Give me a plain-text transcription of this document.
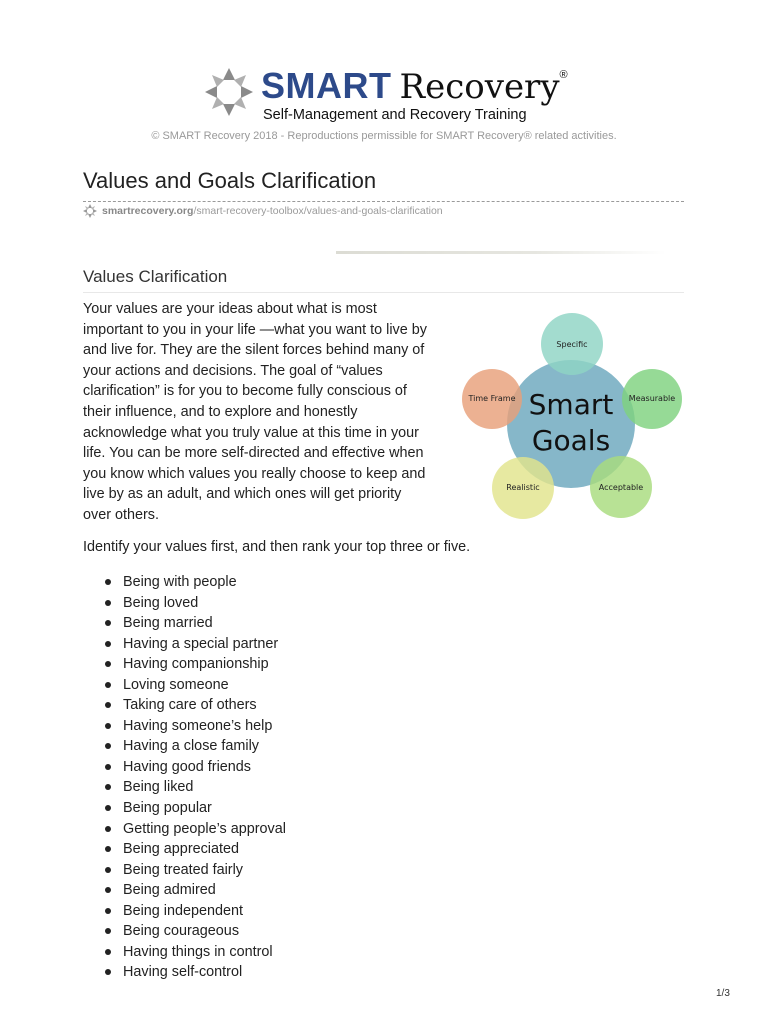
SMART Recovery®
Self-Management and Recovery Training
© SMART Recovery 2018 - Reproductions permissible for SMART Recovery® related activities.
Values and Goals Clarification
smartrecovery.org /smart-recovery-toolbox/values-and-goals-clarification
Values Clarification

Your values are your ideas about what is most important to you in your life —what you want to live by and live for. They are the silent forces behind many of your actions and decisions. The goal of “values clarification” is for you to become fully conscious of their influence, and to explore and honestly acknowledge what you truly value at this time in your life. You can be more self-directed and effective when you know which values you really choose to keep and live by as an adult, and which ones will get priority over others.

Smart
Goals
Specific
Measurable
Acceptable
Realistic
Time Frame

Identify your values first, and then rank your top three or five.

Being with people
Being loved
Being married
Having a special partner
Having companionship
Loving someone
Taking care of others
Having someone’s help
Having a close family
Having good friends
Being liked
Being popular
Getting people’s approval
Being appreciated
Being treated fairly
Being admired
Being independent
Being courageous
Having things in control
Having self-control
1/3
